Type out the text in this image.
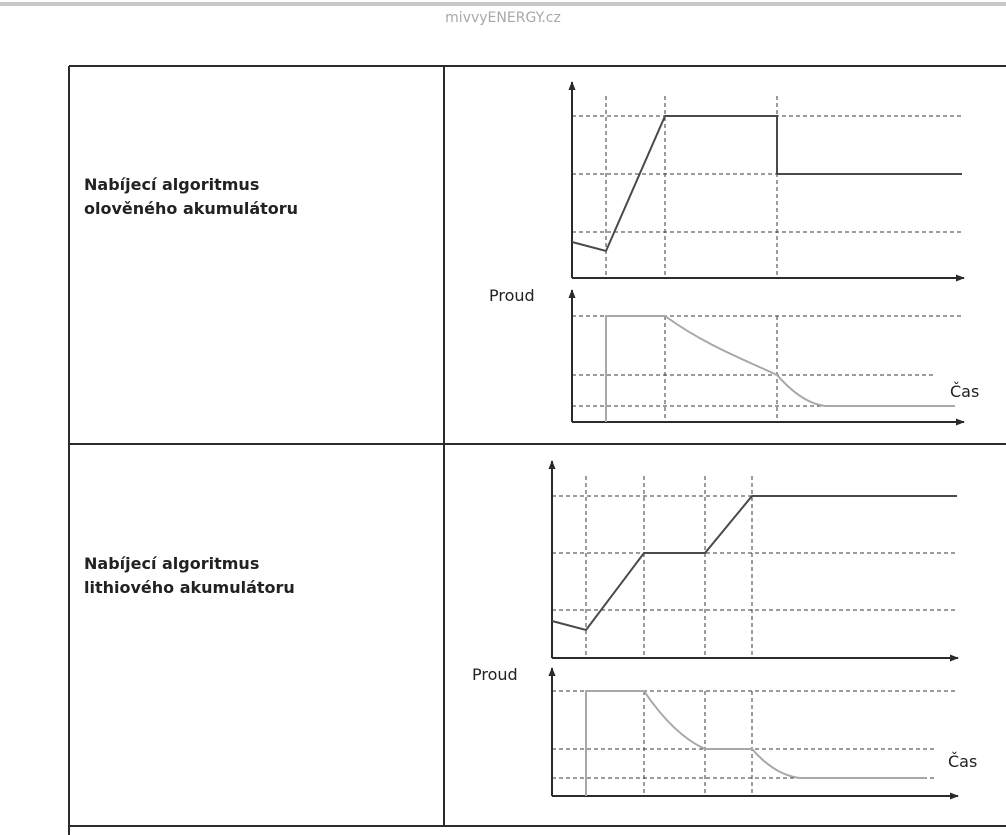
mivvyENERGY.cz
Nabíjecí algoritmus
olověného akumulátoru
Nabíjecí algoritmus
lithiového akumulátoru
Proud
Čas
Proud
Čas
